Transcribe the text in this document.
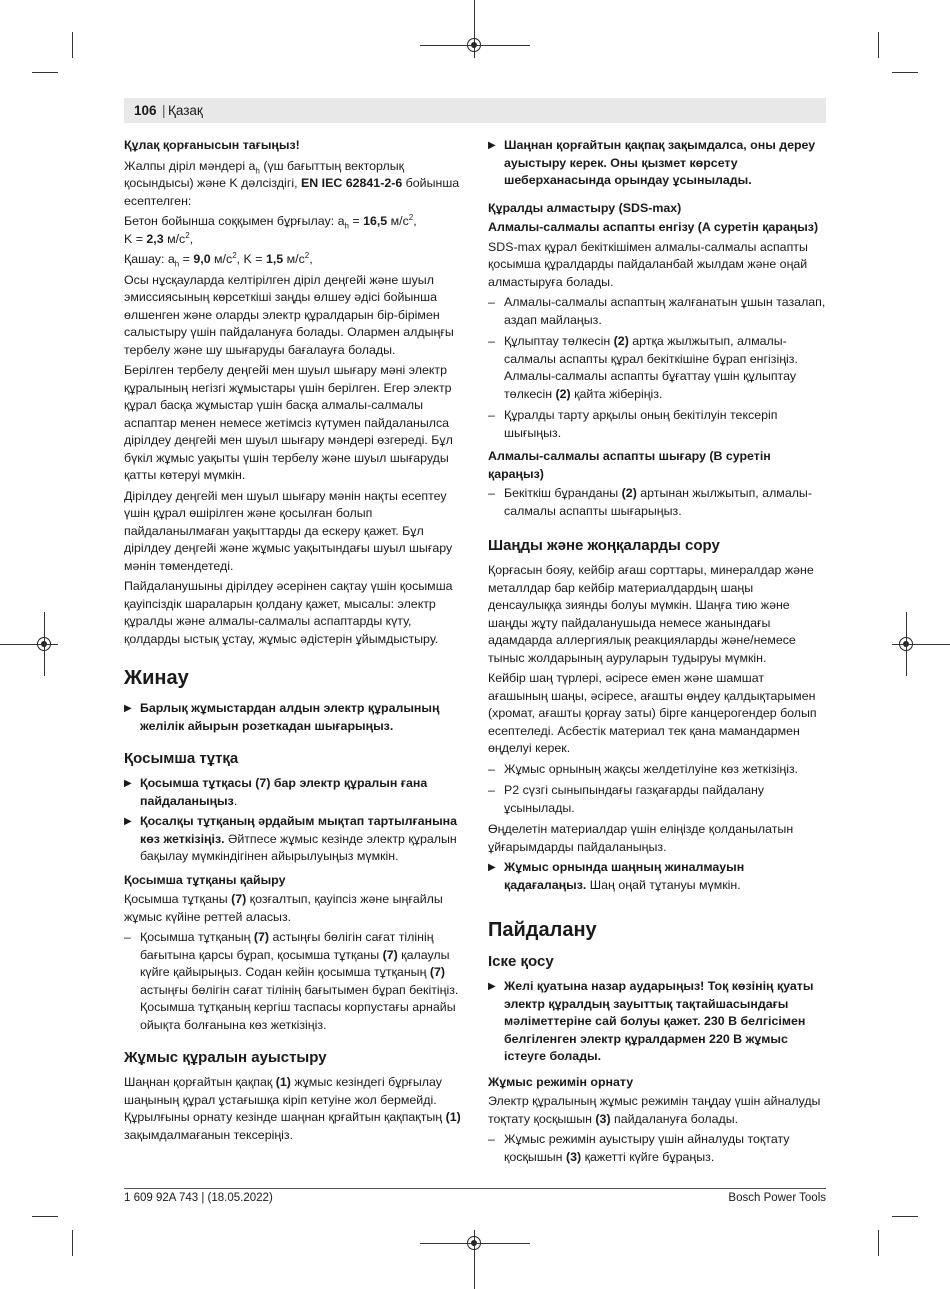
106 | Қазақ

Құлақ қорғанысын тағыңыз!

Жалпы діріл мәндері $a_h$ (үш бағыттың векторлық қосындысы) және K дәлсіздігі, EN IEC 62841-2-6 бойынша есептелген:

Бетон бойынша соққымен бұрғылау: $a_h = 16,5$ $м/с^2$,
K = 2,3 $м/с^2$,

Қашау: $a_h = 9,0$ $м/с^2$, K = 1,5 $м/с^2$,

Осы нұсқауларда келтірілген діріл деңгейі және шуыл эмиссиясының көрсеткіші заңды өлшеу әдісі бойынша өлшенген және оларды электр құралдарын бір-бірімен салыстыру үшін пайдалануға болады. Олармен алдыңғы тербелу және шу шығаруды бағалауға болады.

Берілген тербелу деңгейі мен шуыл шығару мәні электр құралының негізгі жұмыстары үшін берілген. Егер электр құрал басқа жұмыстар үшін басқа алмалы-салмалы аспаптар менен немесе жетімсіз күтумен пайдаланылса дірілдеу деңгейі мен шуыл шығару мәндері өзгереді. Бұл бүкіл жұмыс уақыты үшін тербелу және шуыл шығаруды қатты көтеруі мүмкін.

Дірілдеу деңгейі мен шуыл шығару мәнін нақты есептеу үшін құрал өшірілген және қосылған болып пайдаланылмаған уақыттарды да ескеру қажет. Бұл дірілдеу деңгейі және жұмыс уақытындағы шуыл шығару мәнін төмендетеді.

Пайдаланушыны дірілдеу әсерінен сақтау үшін қосымша қауіпсіздік шараларын қолдану қажет, мысалы: электр құралды және алмалы-салмалы аспаптарды күту, қолдарды ыстық ұстау, жұмыс әдістерін ұйымдыстыру.

Жинау
▶ Барлық жұмыстардан алдын электр құралының желілік айырын розеткадан шығарыңыз.
Қосымша тұтқа
▶ Қосымша тұтқасы (7) бар электр құралын ғана пайдаланыңыз.
▶ Қосалқы тұтқаның әрдайым мықтап тартылғанына көз жеткізіңіз. Әйтпесе жұмыс кезінде электр құралын бақылау мүмкіндігінен айырылуыңыз мүмкін.
Қосымша тұтқаны қайыру

Қосымша тұтқаны (7) қозғалтып, қауіпсіз және ыңғайлы жұмыс күйіне реттей аласыз.

– Қосымша тұтқаның (7) астыңғы бөлігін сағат тілінің бағытына қарсы бұрап, қосымша тұтқаны (7) қалаулы күйге қайырыңыз. Содан кейін қосымша тұтқаның (7) астыңғы бөлігін сағат тілінің бағытымен бұрап бекітіңіз. Қосымша тұтқаның кергіш таспасы корпустағы арнайы ойықта болғанына көз жеткізіңіз.
Жұмыс құралын ауыстыру

Шаңнан қорғайтын қақпақ (1) жұмыс кезіндегі бұрғылау шаңының құрал ұстағышқа кіріп кетуіне жол бермейді. Құрылғыны орнату кезінде шаңнан қрғайтын қақпақтың (1) зақымдалмағанын тексеріңіз.

▶ Шаңнан қорғайтын қақпақ зақымдалса, оны дереу ауыстыру керек. Оны қызмет көрсету шеберханасында орындау ұсынылады.
Құралды алмастыру (SDS-max)
Алмалы-салмалы аспапты енгізу (A суретін қараңыз)

SDS-max құрал бекіткішімен алмалы-салмалы аспапты қосымша құралдарды пайдаланбай жылдам және оңай алмастыруға болады.

– Алмалы-салмалы аспаптың жалғанатын ұшын тазалап, аздап майлаңыз.
– Құлыптау төлкесін (2) артқа жылжытып, алмалы-салмалы аспапты құрал бекіткішіне бұрап енгізіңіз. Алмалы-салмалы аспапты бұғаттау үшін құлыптау төлкесін (2) қайта жіберіңіз.
– Құралды тарту арқылы оның бекітілуін тексеріп шығыңыз.
Алмалы-салмалы аспапты шығару (B суретін қараңыз)
– Бекіткіш бұранданы (2) артынан жылжытып, алмалы-салмалы аспапты шығарыңыз.
Шаңды және жоңқаларды сору

Қорғасын бояу, кейбір ағаш сорттары, минералдар және металлдар бар кейбір материалдардың шаңы денсаулыққа зиянды болуы мүмкін. Шаңға тию және шаңды жұту пайдаланушыда немесе жанындағы адамдарда аллергиялық реакцияларды және/немесе тыныс жолдарының ауруларын тудыруы мүмкін.

Кейбір шаң түрлері, әсіресе емен және шамшат ағашының шаңы, әсіресе, ағашты өңдеу қалдықтарымен (хромат, ағашты қорғау заты) бірге канцерогендер болып есептеледі. Асбестік материал тек қана мамандармен өңделуі керек.

– Жұмыс орнының жақсы желдетілуіне көз жеткізіңіз.
– P2 сүзгі сыныпындағы газқағарды пайдалану ұсынылады.

Өңделетін материалдар үшін еліңізде қолданылатын ұйғарымдарды пайдаланыңыз.

▶ Жұмыс орнында шаңның жиналмауын қадағалаңыз. Шаң оңай тұтануы мүмкін.
Пайдалану
Іске қосу
▶ Желі қуатына назар аударыңыз! Тоқ көзінің қуаты электр құралдың зауыттық тақтайшасындағы мәліметтеріне сай болуы қажет. 230 В белгісімен белгіленген электр құралдармен 220 В жұмыс істеуге болады.
Жұмыс режимін орнату

Электр құралының жұмыс режимін таңдау үшін айналуды тоқтату қосқышын (3) пайдалануға болады.

– Жұмыс режимін ауыстыру үшін айналуды тоқтату қосқышын (3) қажетті күйге бұраңыз.
1 609 92A 743 | (18.05.2022)	Bosch Power Tools
